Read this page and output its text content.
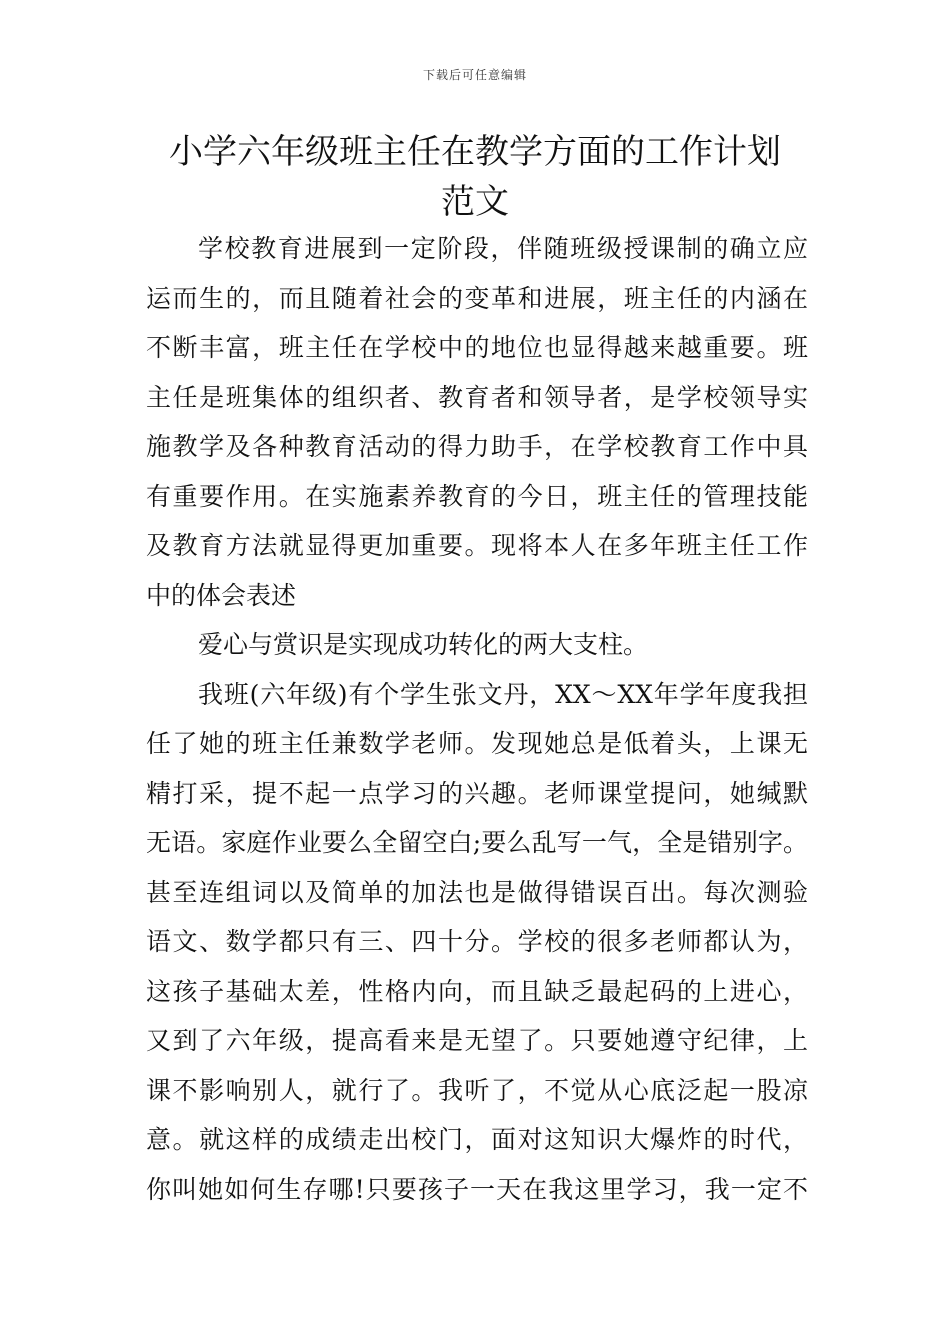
下载后可任意编辑
小学六年级班主任在教学方面的工作计划
范文
学校教育进展到一定阶段，伴随班级授课制的确立应
运而生的，而且随着社会的变革和进展，班主任的内涵在
不断丰富，班主任在学校中的地位也显得越来越重要。班
主任是班集体的组织者、教育者和领导者，是学校领导实
施教学及各种教育活动的得力助手，在学校教育工作中具
有重要作用。在实施素养教育的今日，班主任的管理技能
及教育方法就显得更加重要。现将本人在多年班主任工作
中的体会表述
爱心与赏识是实现成功转化的两大支柱。
我班(六年级)有个学生张文丹，XX～XX年学年度我担
任了她的班主任兼数学老师。发现她总是低着头，上课无
精打采，提不起一点学习的兴趣。老师课堂提问，她缄默
无语。家庭作业要么全留空白;要么乱写一气，全是错别字。
甚至连组词以及简单的加法也是做得错误百出。每次测验
语文、数学都只有三、四十分。学校的很多老师都认为，
这孩子基础太差，性格内向，而且缺乏最起码的上进心，
又到了六年级，提高看来是无望了。只要她遵守纪律，上
课不影响别人，就行了。我听了，不觉从心底泛起一股凉
意。就这样的成绩走出校门，面对这知识大爆炸的时代，
你叫她如何生存哪!只要孩子一天在我这里学习，我一定不
